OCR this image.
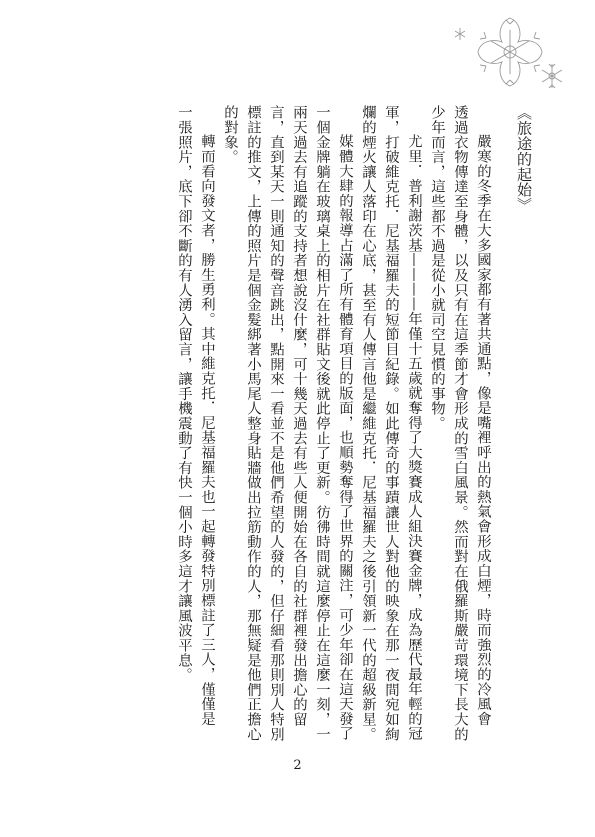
《旅途的起始》
嚴寒的冬季在大多國家都有著共通點，像是嘴裡呼出的熱氣會形成白煙，時而強烈的冷風會
透過衣物傳達至身體，以及只有在這季節才會形成的雪白風景。然而對在俄羅斯嚴苛環境下長大的
少年而言，這些都不過是從小就司空見慣的事物。
尤里．普利謝茨基————年僅十五歲就奪得了大獎賽成人組決賽金牌，成為歷代最年輕的冠
軍，打破維克托．尼基福羅夫的短節目紀錄。如此傳奇的事蹟讓世人對他的映象在那一夜間宛如絢
爛的煙火讓人落印在心底，甚至有人傳言他是繼維克托．尼基福羅夫之後引領新一代的超級新星。
媒體大肆的報導占滿了所有體育項目的版面，也順勢奪得了世界的關注，可少年卻在這天發了
一個金牌躺在玻璃桌上的相片在社群貼文後就此停止了更新。彷彿時間就這麼停止在這麼一刻，一
兩天過去有追蹤的支持者想說沒什麼，可十幾天過去有些人便開始在各自的社群裡發出擔心的留
言，直到某天一則通知的聲音跳出，點開來一看並不是他們希望的人發的，但仔細看那則別人特別
標註的推文，上傳的照片是個金髮綁著小馬尾人整身貼牆做出拉筋動作的人，那無疑是他們正擔心
的對象。
轉而看向發文者，勝生勇利。其中維克托．尼基福羅夫也一起轉發特別標註了三人，僅僅是
一張照片，底下卻不斷的有人湧入留言，讓手機震動了有快一個小時多這才讓風波平息。
2
